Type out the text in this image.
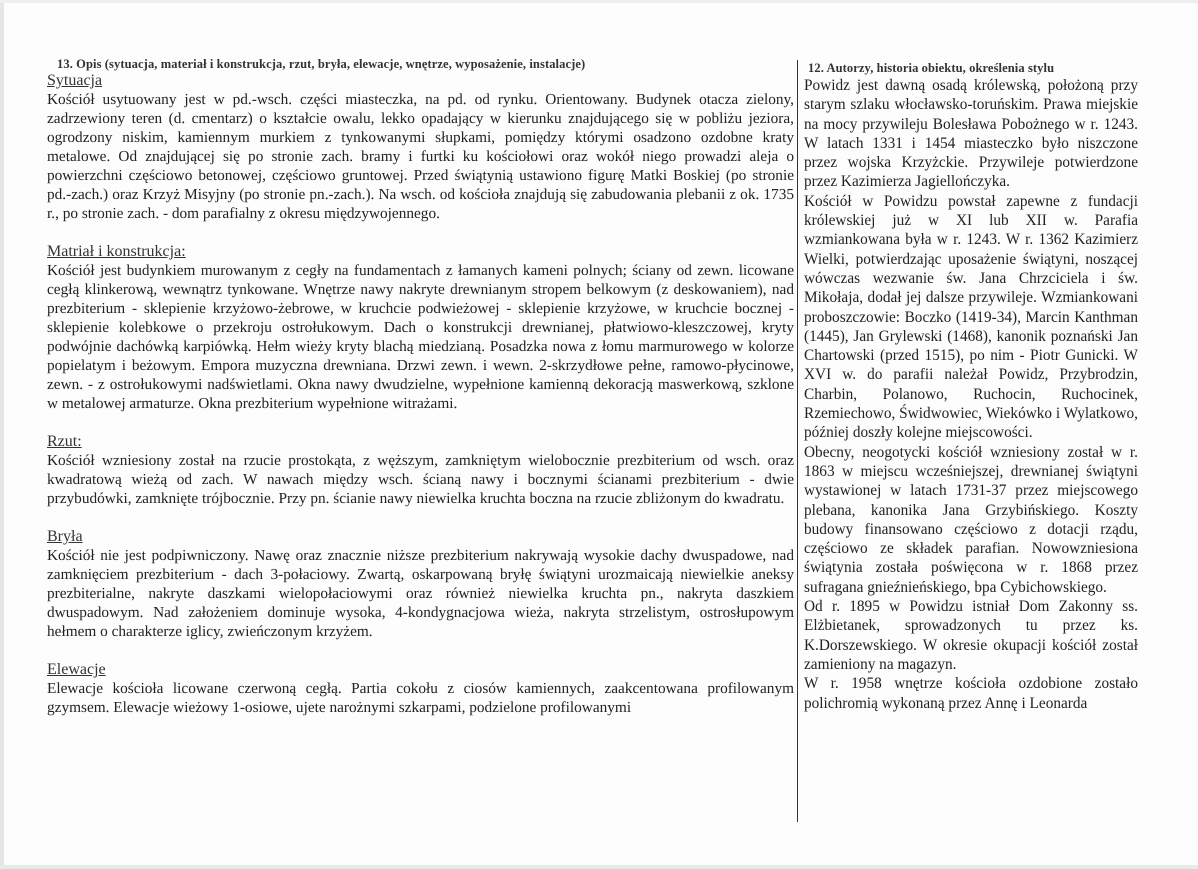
13. Opis (sytuacja, materiał i konstrukcja, rzut, bryła, elewacje, wnętrze, wyposażenie, instalacje)
Sytuacja

Kościół usytuowany jest w pd.-wsch. części miasteczka, na pd. od rynku. Orientowany. Budynek otacza zielony, zadrzewiony teren (d. cmentarz) o kształcie owalu, lekko opadający w kierunku znajdującego się w pobliżu jeziora, ogrodzony niskim, kamiennym murkiem z tynkowanymi słupkami, pomiędzy którymi osadzono ozdobne kraty metalowe. Od znajdującej się po stronie zach. bramy i furtki ku kościołowi oraz wokół niego prowadzi aleja o powierzchni częściowo betonowej, częściowo gruntowej. Przed świątynią ustawiono figurę Matki Boskiej (po stronie pd.-zach.) oraz Krzyż Misyjny (po stronie pn.-zach.). Na wsch. od kościoła znajdują się zabudowania plebanii z ok. 1735 r., po stronie zach. - dom parafialny z okresu międzywojennego.

Matriał i konstrukcja:

Kościół jest budynkiem murowanym z cegły na fundamentach z łamanych kameni polnych; ściany od zewn. licowane cegłą klinkerową, wewnątrz tynkowane. Wnętrze nawy nakryte drewnianym stropem belkowym (z deskowaniem), nad prezbiterium - sklepienie krzyżowo-żebrowe, w kruchcie podwieżowej - sklepienie krzyżowe, w kruchcie bocznej - sklepienie kolebkowe o przekroju ostrołukowym. Dach o konstrukcji drewnianej, płatwiowo-kleszczowej, kryty podwójnie dachówką karpiówką. Hełm wieży kryty blachą miedzianą. Posadzka nowa z łomu marmurowego w kolorze popielatym i beżowym. Empora muzyczna drewniana. Drzwi zewn. i wewn. 2-skrzydłowe pełne, ramowo-płycinowe, zewn. - z ostrołukowymi nadświetlami. Okna nawy dwudzielne, wypełnione kamienną dekoracją maswerkową, szklone w metalowej armaturze. Okna prezbiterium wypełnione witrażami.

Rzut:

Kościół wzniesiony został na rzucie prostokąta, z węższym, zamkniętym wielobocznie prezbiterium od wsch. oraz kwadratową wieżą od zach. W nawach między wsch. ścianą nawy i bocznymi ścianami prezbiterium - dwie przybudówki, zamknięte trójbocznie. Przy pn. ścianie nawy niewielka kruchta boczna na rzucie zbliżonym do kwadratu.

Bryła

Kościół nie jest podpiwniczony. Nawę oraz znacznie niższe prezbiterium nakrywają wysokie dachy dwuspadowe, nad zamknięciem prezbiterium - dach 3-połaciowy. Zwartą, oskarpowaną bryłę świątyni urozmaicają niewielkie aneksy prezbiterialne, nakryte daszkami wielopołaciowymi oraz również niewielka kruchta pn., nakryta daszkiem dwuspadowym. Nad założeniem dominuje wysoka, 4-kondygnacjowa wieża, nakryta strzelistym, ostrosłupowym hełmem o charakterze iglicy, zwieńczonym krzyżem.

Elewacje

Elewacje kościoła licowane czerwoną cegłą. Partia cokołu z ciosów kamiennych, zaakcentowana profilowanym gzymsem. Elewacje wieżowy 1-osiowe, ujete narożnymi szkarpami, podzielone profilowanymi

12. Autorzy, historia obiektu, określenia stylu

Powidz jest dawną osadą królewską, położoną przy starym szlaku włocławsko-toruńskim. Prawa miejskie na mocy przywileju Bolesława Pobożnego w r. 1243. W latach 1331 i 1454 miasteczko było niszczone przez wojska Krzyżckie. Przywileje potwierdzone przez Kazimierza Jagiellończyka.

Kościół w Powidzu powstał zapewne z fundacji królewskiej już w XI lub XII w. Parafia wzmiankowana była w r. 1243. W r. 1362 Kazimierz Wielki, potwierdzając uposażenie świątyni, noszącej wówczas wezwanie św. Jana Chrzciciela i św. Mikołaja, dodał jej dalsze przywileje. Wzmiankowani proboszczowie: Boczko (1419-34), Marcin Kanthman (1445), Jan Grylewski (1468), kanonik poznański Jan Chartowski (przed 1515), po nim - Piotr Gunicki. W XVI w. do parafii należał Powidz, Przybrodzin, Charbin, Polanowo, Ruchocin, Ruchocinek, Rzemiechowo, Świdwowiec, Wiekówko i Wylatkowo, później doszły kolejne miejscowości.

Obecny, neogotycki kościół wzniesiony został w r. 1863 w miejscu wcześniejszej, drewnianej świątyni wystawionej w latach 1731-37 przez miejscowego plebana, kanonika Jana Grzybińskiego. Koszty budowy finansowano częściowo z dotacji rządu, częściowo ze składek parafian. Nowowzniesiona świątynia została poświęcona w r. 1868 przez sufragana gnieźnieńskiego, bpa Cybichowskiego.

Od r. 1895 w Powidzu istniał Dom Zakonny ss. Elżbietanek, sprowadzonych tu przez ks. K.Dorszewskiego. W okresie okupacji kościół został zamieniony na magazyn.

W r. 1958 wnętrze kościoła ozdobione zostało polichromią wykonaną przez Annę i Leonarda
